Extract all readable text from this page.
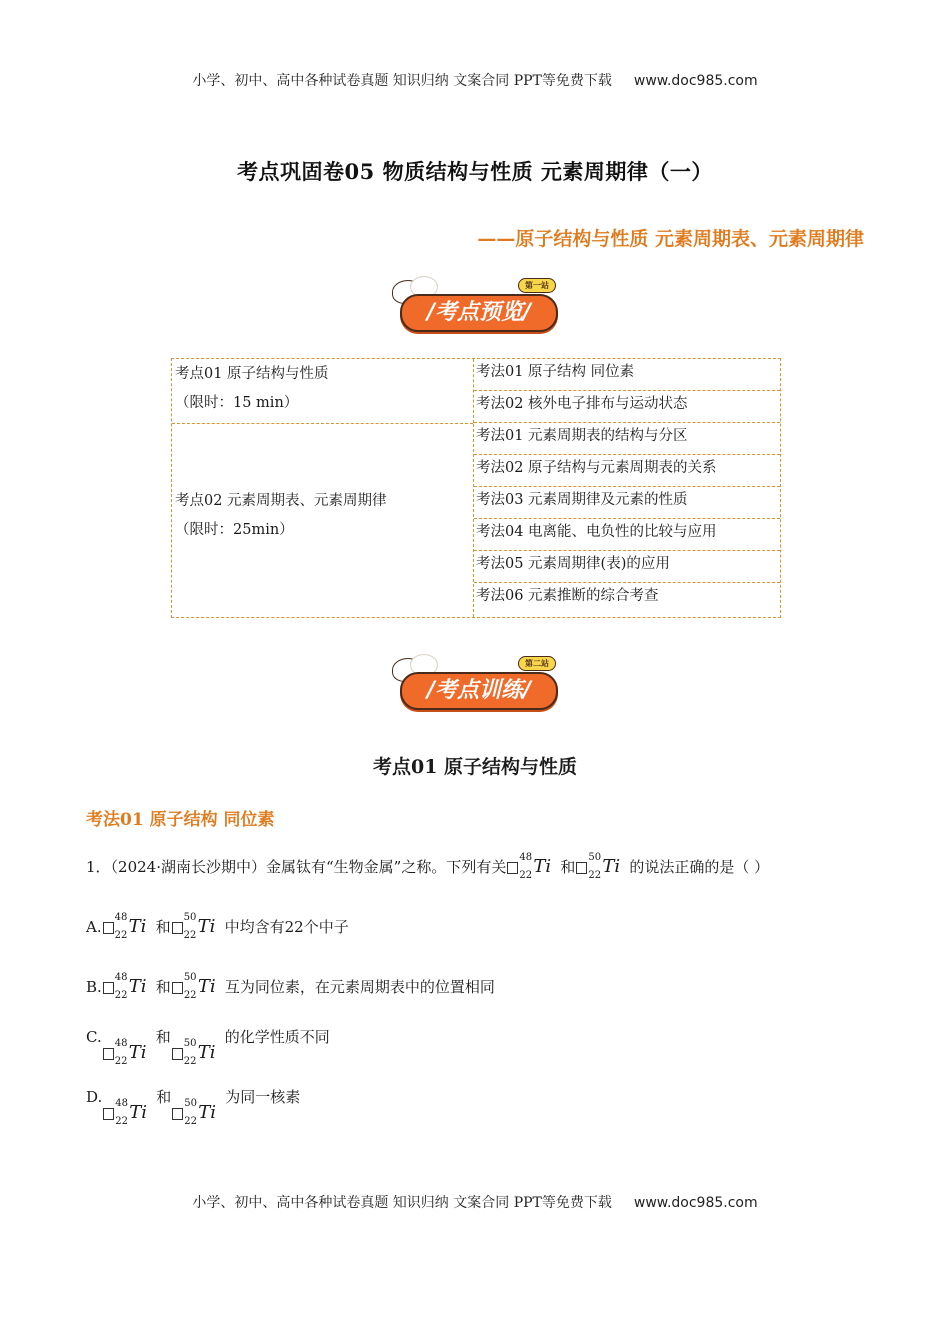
小学、初中、高中各种试卷真题 知识归纳 文案合同 PPT等免费下载 www.doc985.com
考点巩固卷05 物质结构与性质 元素周期律（一）
——原子结构与性质 元素周期表、元素周期律
/考点预览/
第一站
考点01 原子结构与性质
（限时：15 min）
考点02 元素周期表、元素周期律
（限时：25min）
考法01 原子结构 同位素
考法02 核外电子排布与运动状态
考法01 元素周期表的结构与分区
考法02 原子结构与元素周期表的关系
考法03 元素周期律及元素的性质
考法04 电离能、电负性的比较与应用
考法05 元素周期律(表)的应用
考法06 元素推断的综合考查
/考点训练/
第二站
考点01 原子结构与性质
考法01 原子结构 同位素
1．（2024·湖南长沙期中）金属钛有“生物金属”之称。下列有关
48
22 Ti 和
50
22 Ti 的说法正确的是（ ）
A.
48
22 Ti 和
50
22 Ti 中均含有22个中子
B.
48
22 Ti 和
50
22 Ti 互为同位素，在元素周期表中的位置相同
C. 48
22 Ti
和 50
22 Ti
的化学性质不同
D. 48
22 Ti
和 50
22 Ti
为同一核素
小学、初中、高中各种试卷真题 知识归纳 文案合同 PPT等免费下载 www.doc985.com
